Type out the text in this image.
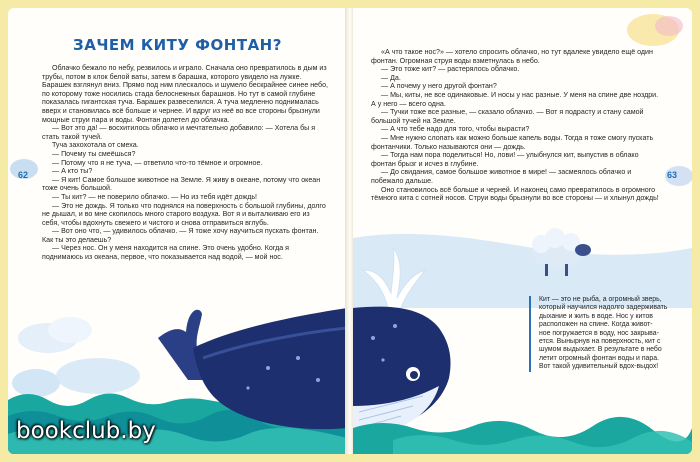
ЗАЧЕМ КИТУ ФОНТАН?

Облачко бежало по небу, резвилось и играло. Сначала оно превратилось в дым из трубы, потом в клок белой ваты, затем в барашка, которого увидело на лужке. Барашек взглянул вниз. Прямо под ним плескалось и шумело бескрайнее синее небо, по которому тоже носились стада белоснежных барашков. Но тут в самой глубине показалась гигантская туча. Барашек развеселился. А туча медленно поднималась вверх и становилась всё больше и чернее. И вдруг из неё во все стороны брызнули мощные струи пара и воды. Фонтан долетел до облачка.

— Вот это да! — восхитилось облачко и мечтательно добавило: — Хотела бы я стать такой тучей.

Туча захохотала от смеха.

— Почему ты смеёшься?

— Потому что я не туча, — ответило что-то тёмное и огромное.

— А кто ты?

— Я кит! Самое большое животное на Земле. Я живу в океане, потому что океан тоже очень большой.

— Ты кит? — не поверило облачко. — Но из тебя идёт дождь!

— Это не дождь. Я только что поднялся на поверхность с большой глубины, долго не дышал, и во мне скопилось много старого воздуха. Вот я и выталкиваю его из себя, чтобы вдохнуть свежего и чистого и снова отправиться вглубь.

— Вот оно что, — удивилось облачко. — Я тоже хочу научиться пускать фонтан. Как ты это делаешь?

— Через нос. Он у меня находится на спине. Это очень удобно. Когда я поднимаюсь из океана, первое, что показывается над водой, — мой нос.

62

«А что такое нос?» — хотело спросить облачко, но тут вдалеке увидело ещё один фонтан. Огромная струя воды взметнулась в небо.

— Это тоже кит? — растерялось облачко.

— Да.

— А почему у него другой фонтан?

— Мы, киты, не все одинаковые. И носы у нас разные. У меня на спине две ноздри. А у него — всего одна.

— Тучки тоже все разные, — сказало облачко. — Вот я подрасту и стану самой большой тучей на Земле.

— А что тебе надо для того, чтобы вырасти?

— Мне нужно слопать как можно больше капель воды. Тогда я тоже смогу пускать фонтанчики. Только называются они — дождь.

— Тогда нам пора поделиться! Но, лови! — улыбнулся кит, выпустив в облако фонтан брызг и исчез в глубине.

— До свидания, самое большое животное в мире! — засмеялось облачко и побежало дальше.

Оно становилось всё больше и черней. И наконец само превратилось в огромного тёмного кита с сотней носов. Струи воды брызнули во все стороны — и хлынул дождь!

63
Кит — это не рыба, а огромный зверь,
который научился надолго задерживать
дыхание и жить в воде. Нос у китов
расположен на спине. Когда живот-
ное погружается в воду, нос закрыва-
ется. Вынырнув на поверхность, кит с
шумом выдыхает. В результате в небо
летит огромный фонтан воды и пара.
Вот такой удивительный вдох-выдох!
bookclub.by
